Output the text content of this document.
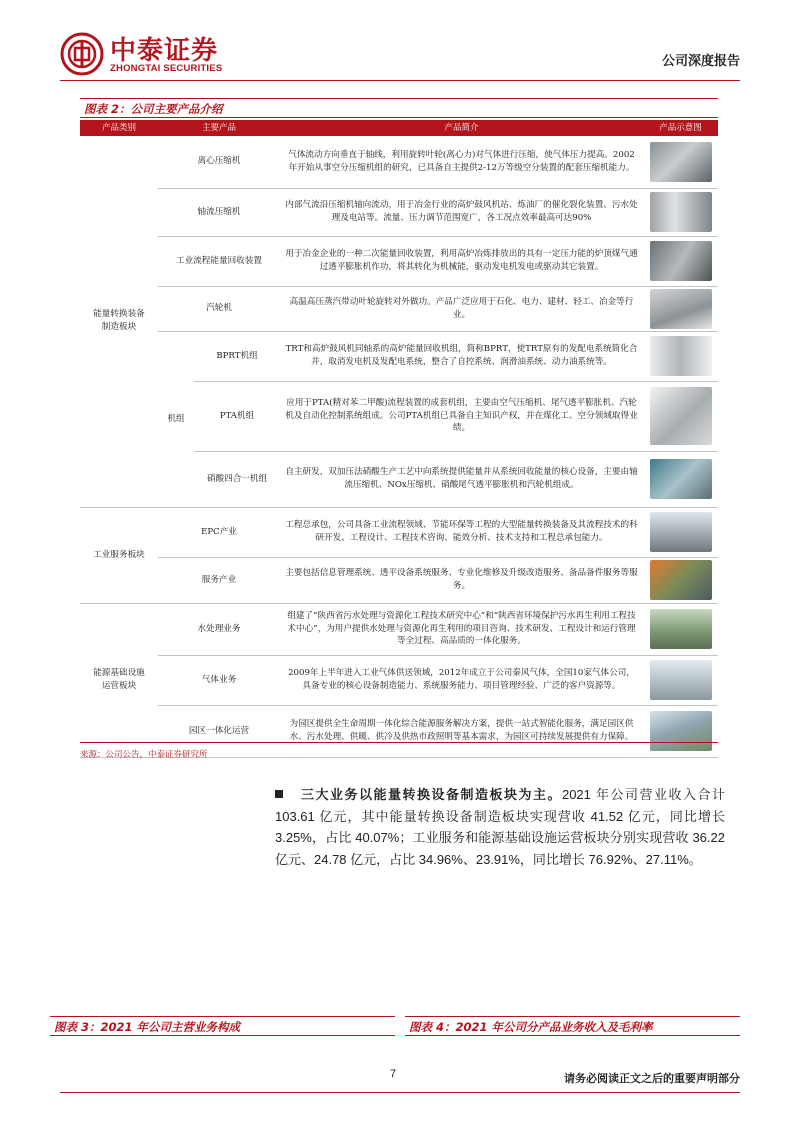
中泰证券
ZHONGTAI SECURITIES	公司深度报告
图表 2：公司主要产品介绍
产品类别	主要产品		产品简介	产品示意图
能量转换装备制造板块	离心压缩机		气体流动方向垂直于轴线，利用旋转叶轮(离心力)对气体进行压缩，使气体压力提高。2002年开始从事空分压缩机组的研究，已具备自主提供2-12万等级空分装置的配套压缩机能力。	

	轴流压缩机		内部气流沿压缩机轴向流动，用于冶金行业的高炉鼓风机站、炼油厂的催化裂化装置、污水处理及电站等。流量、压力调节范围宽广，各工况点效率最高可达90%	

	工业流程能量回收装置		用于冶金企业的一种二次能量回收装置，利用高炉冶炼排放出的具有一定压力能的炉顶煤气通过透平膨胀机作功，将其转化为机械能，驱动发电机发电或驱动其它装置。	

	汽轮机		高温高压蒸汽带动叶轮旋转对外做功。产品广泛应用于石化、电力、建材、轻工、冶金等行业。	

	机组	BPRT机组	TRT和高炉鼓风机同轴系的高炉能量回收机组，简称BPRT，使TRT原有的发配电系统简化合并，取消发电机及发配电系统，整合了自控系统、润滑油系统、动力油系统等。	

		PTA机组	应用于PTA(精对苯二甲酸)流程装置的成套机组，主要由空气压缩机、尾气透平膨胀机、汽轮机及自动化控制系统组成。公司PTA机组已具备自主知识产权，并在煤化工、空分领域取得业绩。	

		硝酸四合一机组	自主研发，双加压法硝酸生产工艺中向系统提供能量并从系统回收能量的核心设备，主要由轴流压缩机、NOx压缩机、硝酸尾气透平膨胀机和汽轮机组成。	

工业服务板块	EPC产业		工程总承包，公司具备工业流程领域、节能环保等工程的大型能量转换装备及其流程技术的科研开发、工程设计、工程技术咨询、能效分析、技术支持和工程总承包能力。	

	服务产业		主要包括信息管理系统、透平设备系统服务、专业化维修及升级改造服务、备品备件服务等服务。	

能源基础设施运营板块	水处理业务		组建了“陕西省污水处理与资源化工程技术研究中心”和“陕西省环境保护污水再生利用工程技术中心”，为用户提供水处理与资源化再生利用的项目咨询、技术研发、工程设计和运行管理等全过程、高品质的一体化服务。	

	气体业务		2009年上半年进入工业气体供送领域，2012年成立于公司秦风气体，全国10家气体公司，具备专业的核心设备制造能力、系统服务能力、项目管理经验、广泛的客户资源等。	

	园区一体化运营		为园区提供全生命周期一体化综合能源服务解决方案，提供一站式智能化服务，满足园区供水、污水处理、供暖、供冷及供热市政照明等基本需求，为园区可持续发展提供有力保障。	
来源：公司公告，中泰证券研究所
三大业务以能量转换设备制造板块为主。2021 年公司营业收入合计 103.61 亿元，其中能量转换设备制造板块实现营收 41.52 亿元，同比增长 3.25%，占比 40.07%；工业服务和能源基础设施运营板块分别实现营收 36.22 亿元、24.78 亿元，占比 34.96%、23.91%，同比增长 76.92%、27.11%。
图表 3：2021 年公司主营业务构成	图表 4：2021 年公司分产品业务收入及毛利率
7	请务必阅读正文之后的重要声明部分
